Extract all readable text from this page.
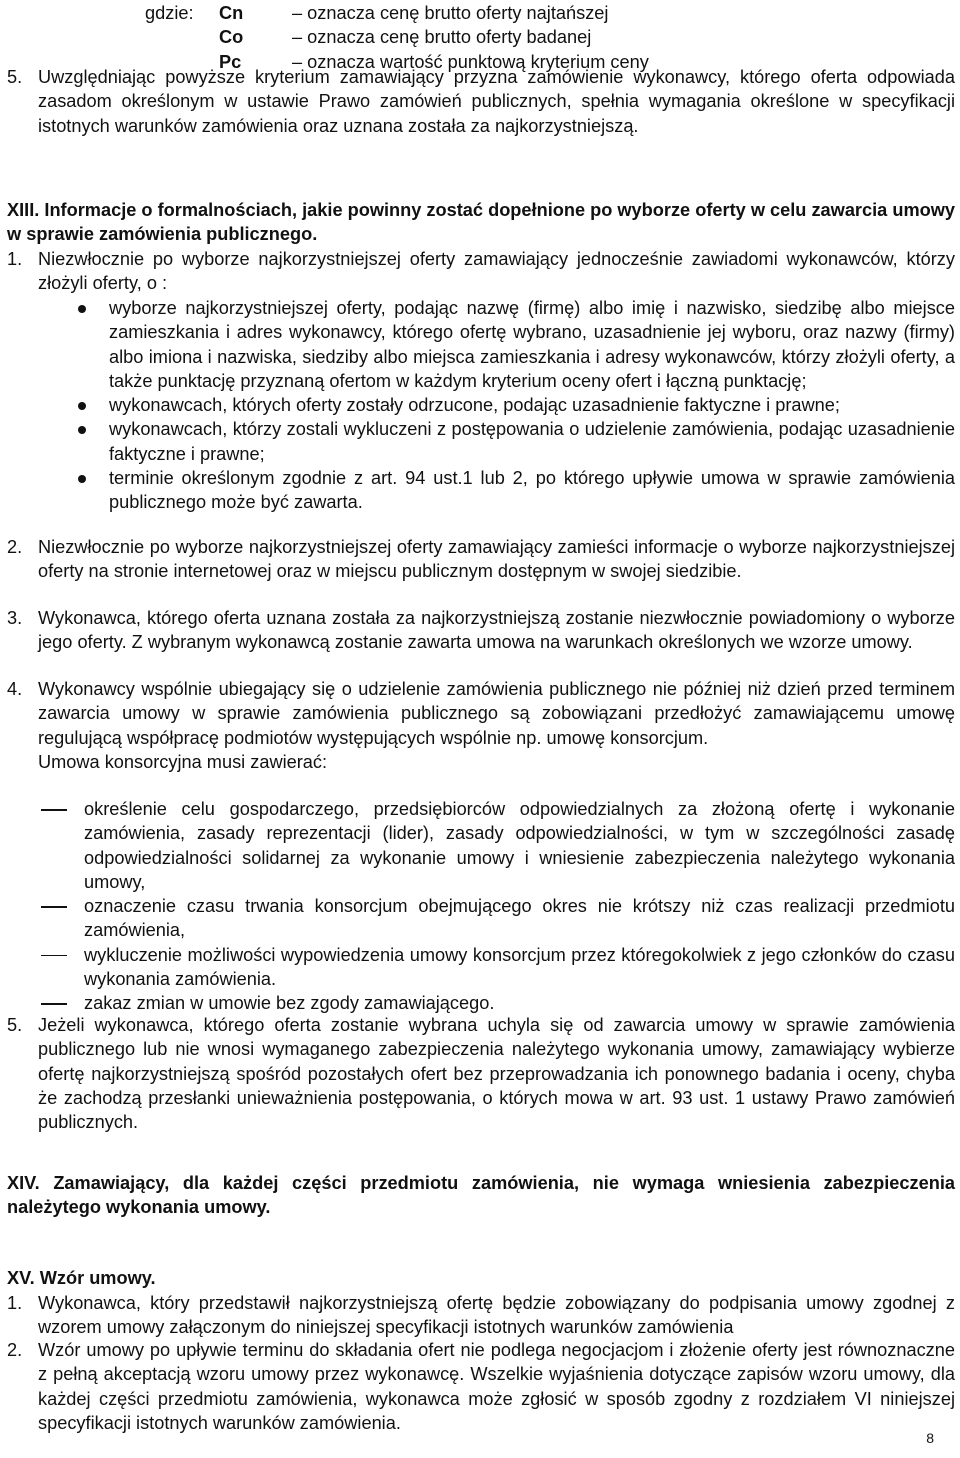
gdzie: Cn	– oznacza cenę brutto oferty najtańszej
Co	– oznacza cenę brutto oferty badanej
Pc	– oznacza wartość punktową kryterium ceny
5. Uwzględniając powyższe kryterium zamawiający przyzna zamówienie wykonawcy, którego oferta odpowiada zasadom określonym w ustawie Prawo zamówień publicznych, spełnia wymagania określone w specyfikacji istotnych warunków zamówienia oraz uznana została za najkorzystniejszą.
XIII. Informacje o formalnościach, jakie powinny zostać dopełnione po wyborze oferty w celu zawarcia umowy w sprawie zamówienia publicznego.
1. Niezwłocznie po wyborze najkorzystniejszej oferty zamawiający jednocześnie zawiadomi wykonawców, którzy złożyli oferty, o :
wyborze najkorzystniejszej oferty, podając nazwę (firmę) albo imię i nazwisko, siedzibę albo miejsce zamieszkania i adres wykonawcy, którego ofertę wybrano, uzasadnienie jej wyboru, oraz nazwy (firmy) albo imiona i nazwiska, siedziby albo miejsca zamieszkania i adresy wykonawców, którzy złożyli oferty, a także punktację przyznaną ofertom w każdym kryterium oceny ofert i łączną punktację;
wykonawcach, których oferty zostały odrzucone, podając uzasadnienie faktyczne i prawne;
wykonawcach, którzy zostali wykluczeni z postępowania o udzielenie zamówienia, podając uzasadnienie faktyczne i prawne;
terminie określonym zgodnie z art. 94 ust.1 lub 2, po którego upływie umowa w sprawie zamówienia publicznego może być zawarta.
2. Niezwłocznie po wyborze najkorzystniejszej oferty zamawiający zamieści informacje o wyborze najkorzystniejszej oferty na stronie internetowej oraz w miejscu publicznym dostępnym w swojej siedzibie.
3. Wykonawca, którego oferta uznana została za najkorzystniejszą zostanie niezwłocznie powiadomiony o wyborze jego oferty. Z wybranym wykonawcą zostanie zawarta umowa na warunkach określonych we wzorze umowy.
4. Wykonawcy wspólnie ubiegający się o udzielenie zamówienia publicznego nie później niż dzień przed terminem zawarcia umowy w sprawie zamówienia publicznego są zobowiązani przedłożyć zamawiającemu umowę regulującą współpracę podmiotów występujących wspólnie np. umowę konsorcjum.
Umowa konsorcyjna musi zawierać:
określenie celu gospodarczego, przedsiębiorców odpowiedzialnych za złożoną ofertę i wykonanie zamówienia, zasady reprezentacji (lider), zasady odpowiedzialności, w tym w szczególności zasadę odpowiedzialności solidarnej za wykonanie umowy i wniesienie zabezpieczenia należytego wykonania umowy,
oznaczenie czasu trwania konsorcjum obejmującego okres nie krótszy niż czas realizacji przedmiotu zamówienia,
wykluczenie możliwości wypowiedzenia umowy konsorcjum przez któregokolwiek z jego członków do czasu wykonania zamówienia.
zakaz zmian w umowie bez zgody zamawiającego.
5. Jeżeli wykonawca, którego oferta zostanie wybrana uchyla się od zawarcia umowy w sprawie zamówienia publicznego lub nie wnosi wymaganego zabezpieczenia należytego wykonania umowy, zamawiający wybierze ofertę najkorzystniejszą spośród pozostałych ofert bez przeprowadzania ich ponownego badania i oceny, chyba że zachodzą przesłanki unieważnienia postępowania, o których mowa w art. 93 ust. 1 ustawy Prawo zamówień publicznych.
XIV. Zamawiający, dla każdej części przedmiotu zamówienia, nie wymaga wniesienia zabezpieczenia należytego wykonania umowy.
XV. Wzór umowy.
1. Wykonawca, który przedstawił najkorzystniejszą ofertę będzie zobowiązany do podpisania umowy zgodnej z wzorem umowy załączonym do niniejszej specyfikacji istotnych warunków zamówienia
2. Wzór umowy po upływie terminu do składania ofert nie podlega negocjacjom i złożenie oferty jest równoznaczne z pełną akceptacją wzoru umowy przez wykonawcę. Wszelkie wyjaśnienia dotyczące zapisów wzoru umowy, dla każdej części przedmiotu zamówienia, wykonawca może zgłosić w sposób zgodny z rozdziałem VI niniejszej specyfikacji istotnych warunków zamówienia.
8
